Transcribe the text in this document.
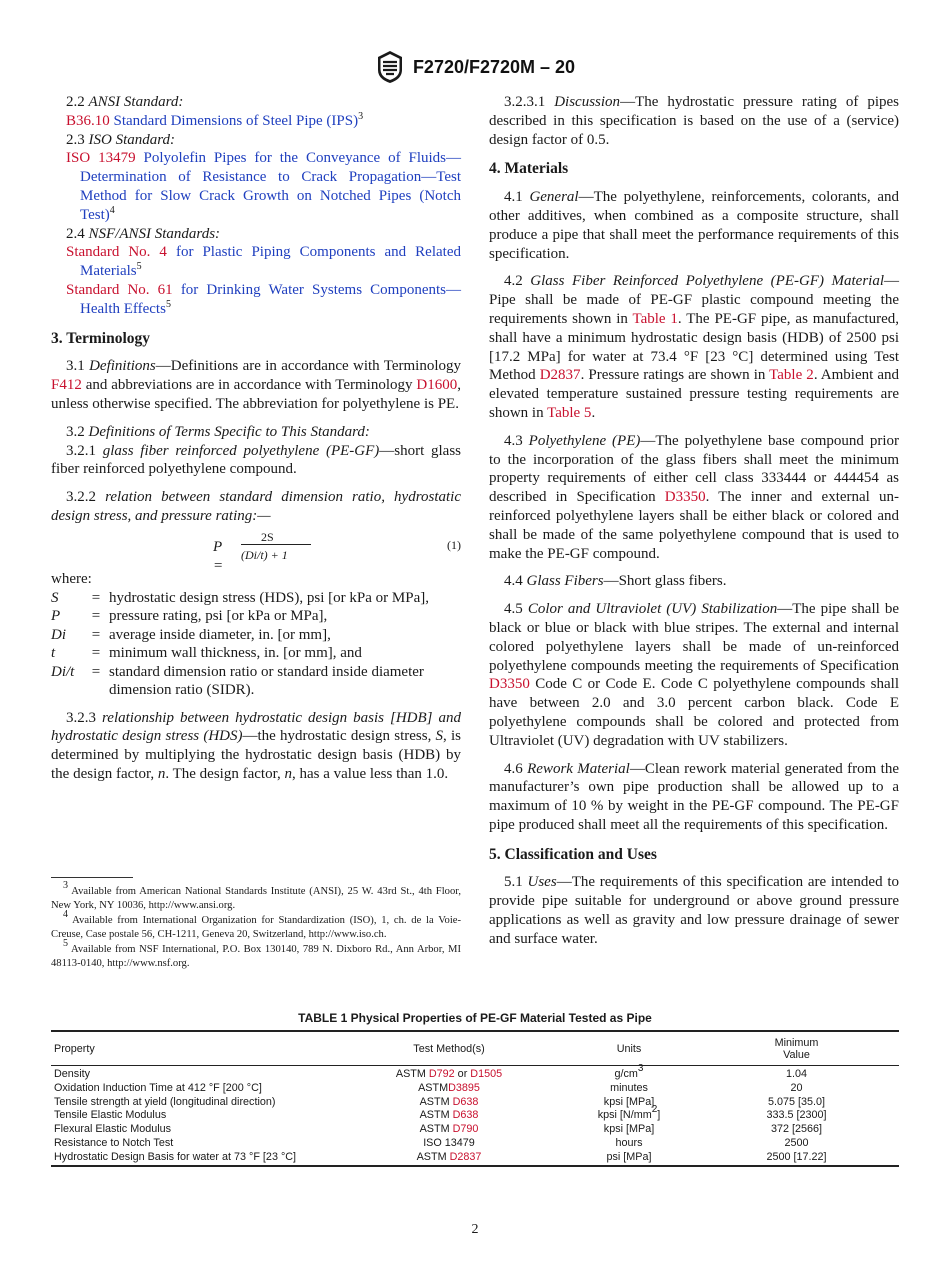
F2720/F2720M – 20

2.2 ANSI Standard:

B36.10 Standard Dimensions of Steel Pipe (IPS)$^3$

2.3 ISO Standard:

ISO 13479 Polyolefin Pipes for the Conveyance of Fluids—Determination of Resistance to Crack Propagation—Test Method for Slow Crack Growth on Notched Pipes (Notch Test)$^4$

2.4 NSF/ANSI Standards:

Standard No. 4 for Plastic Piping Components and Related Materials$^5$

Standard No. 61 for Drinking Water Systems Components—Health Effects$^5$

3. Terminology

3.1 Definitions—Definitions are in accordance with Terminology F412 and abbreviations are in accordance with Terminology D1600, unless otherwise specified. The abbreviation for polyethylene is PE.

3.2 Definitions of Terms Specific to This Standard:

3.2.1 glass fiber reinforced polyethylene (PE-GF)—short glass fiber reinforced polyethylene compound.

3.2.2 relation between standard dimension ratio, hydrostatic design stress, and pressure rating:—

P =
2S
(Di/t) + 1
(1)

where:

S	=	hydrostatic design stress (HDS), psi [or kPa or MPa],
P	=	pressure rating, psi [or kPa or MPa],
Di	=	average inside diameter, in. [or mm],
t	=	minimum wall thickness, in. [or mm], and
Di/t	=	standard dimension ratio or standard inside diameter dimension ratio (SIDR).

3.2.3 relationship between hydrostatic design basis [HDB] and hydrostatic design stress (HDS)—the hydrostatic design stress, S, is determined by multiplying the hydrostatic design basis (HDB) by the design factor, n. The design factor, n, has a value less than 1.0.

$^3$ Available from American National Standards Institute (ANSI), 25 W. 43rd St., 4th Floor, New York, NY 10036, http://www.ansi.org.

$^4$ Available from International Organization for Standardization (ISO), 1, ch. de la Voie-Creuse, Case postale 56, CH-1211, Geneva 20, Switzerland, http://www.iso.ch.

$^5$ Available from NSF International, P.O. Box 130140, 789 N. Dixboro Rd., Ann Arbor, MI 48113-0140, http://www.nsf.org.

3.2.3.1 Discussion—The hydrostatic pressure rating of pipes described in this specification is based on the use of a (service) design factor of 0.5.

4. Materials

4.1 General—The polyethylene, reinforcements, colorants, and other additives, when combined as a composite structure, shall produce a pipe that shall meet the performance requirements of this specification.

4.2 Glass Fiber Reinforced Polyethylene (PE-GF) Material—Pipe shall be made of PE-GF plastic compound meeting the requirements shown in Table 1. The PE-GF pipe, as manufactured, shall have a minimum hydrostatic design basis (HDB) of 2500 psi [17.2 MPa] for water at 73.4 °F [23 °C] determined using Test Method D2837. Pressure ratings are shown in Table 2. Ambient and elevated temperature sustained pressure testing requirements are shown in Table 5.

4.3 Polyethylene (PE)—The polyethylene base compound prior to the incorporation of the glass fibers shall meet the minimum property requirements of either cell class 333444 or 444454 as described in Specification D3350. The inner and external un-reinforced polyethylene layers shall be either black or colored and shall be made of the same polyethylene compound that is used to make the PE-GF compound.

4.4 Glass Fibers—Short glass fibers.

4.5 Color and Ultraviolet (UV) Stabilization—The pipe shall be black or blue or black with blue stripes. The external and internal colored polyethylene layers shall be made of un-reinforced polyethylene compounds meeting the requirements of Specification D3350 Code C or Code E. Code C polyethylene compounds shall have between 2.0 and 3.0 percent carbon black. Code E polyethylene compounds shall be colored and protected from Ultraviolet (UV) degradation with UV stabilizers.

4.6 Rework Material—Clean rework material generated from the manufacturer’s own pipe production shall be allowed up to a maximum of 10 % by weight in the PE-GF compound. The PE-GF pipe produced shall meet all the requirements of this specification.

5. Classification and Uses

5.1 Uses—The requirements of this specification are intended to provide pipe suitable for underground or above ground pressure applications as well as gravity and low pressure drainage of sewer and surface water.

TABLE 1 Physical Properties of PE-GF Material Tested as Pipe
Property	Test Method(s)	Units	Minimum Value
Density	ASTM D792 or D1505	$g/cm^3$	1.04
Oxidation Induction Time at 412 °F [200 °C]	ASTMD3895	minutes	20
Tensile strength at yield (longitudinal direction)	ASTM D638	kpsi [MPa]	5.075 [35.0]
Tensile Elastic Modulus	ASTM D638	kpsi $[N/mm^2]$	333.5 [2300]
Flexural Elastic Modulus	ASTM D790	kpsi [MPa]	372 [2566]
Resistance to Notch Test	ISO 13479	hours	2500
Hydrostatic Design Basis for water at 73 °F [23 °C]	ASTM D2837	psi [MPa]	2500 [17.22]
2
